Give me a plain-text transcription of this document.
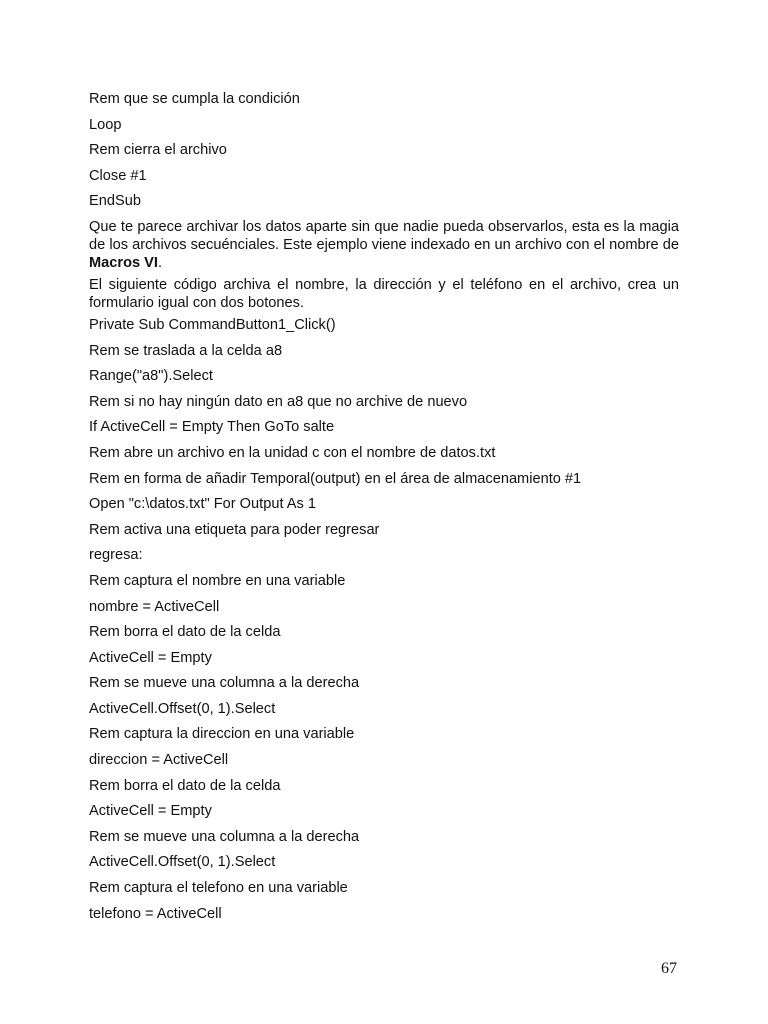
Rem que se cumpla la condición
Loop
Rem cierra el archivo
Close #1
EndSub
Que te parece archivar los datos aparte sin que nadie pueda observarlos, esta es la magia de los archivos secuénciales. Este ejemplo viene indexado en un archivo con el nombre de Macros VI.
El siguiente código archiva el nombre, la dirección y el teléfono en el archivo, crea un formulario igual con dos botones.
Private Sub CommandButton1_Click()
Rem se traslada a la celda a8
Range("a8").Select
Rem si no hay ningún dato en a8 que no archive de nuevo
If ActiveCell = Empty Then GoTo salte
Rem abre un archivo en la unidad c con el nombre de datos.txt
Rem en forma de añadir Temporal(output) en el área de almacenamiento #1
Open "c:\datos.txt" For Output As 1
Rem activa una etiqueta para poder regresar
regresa:
Rem captura el nombre en una variable
nombre = ActiveCell
Rem borra el dato de la celda
ActiveCell = Empty
Rem se mueve una columna a la derecha
ActiveCell.Offset(0, 1).Select
Rem captura la direccion en una variable
direccion = ActiveCell
Rem borra el dato de la celda
ActiveCell = Empty
Rem se mueve una columna a la derecha
ActiveCell.Offset(0, 1).Select
Rem captura el telefono en una variable
telefono = ActiveCell
67
